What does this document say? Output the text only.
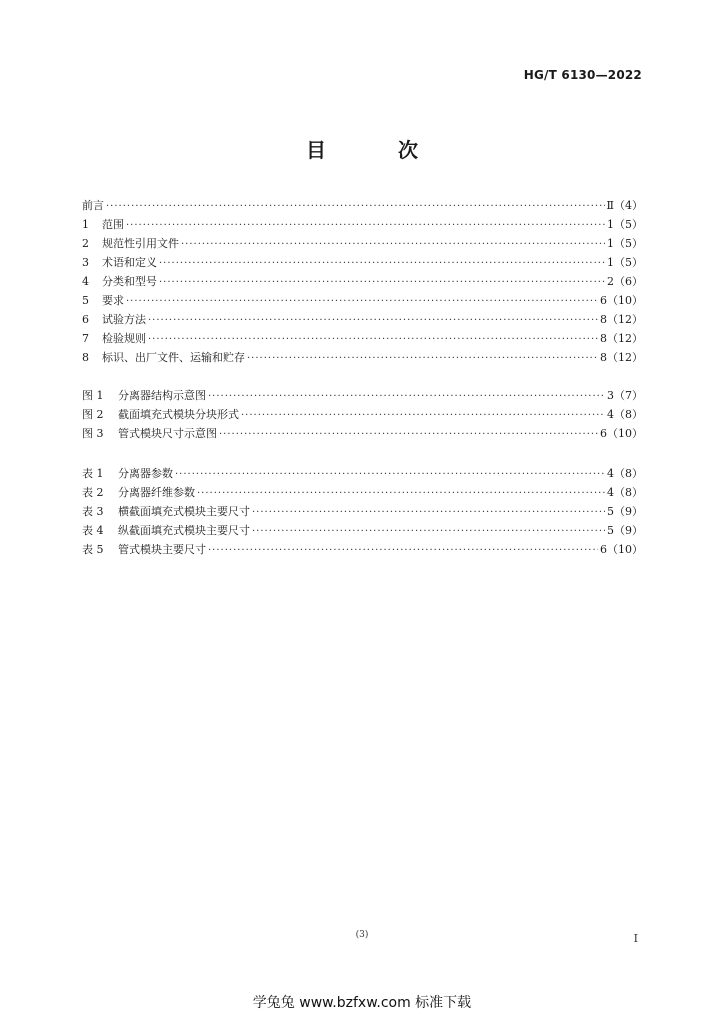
HG/T 6130—2022
目　次
前言 ·····	Ⅱ（4）
1	范围 ·····	1（5）
2	规范性引用文件 ·····	1（5）
3	术语和定义 ·····	1（5）
4	分类和型号 ·····	2（6）
5	要求 ·····	6（10）
6	试验方法 ·····	8（12）
7	检验规则 ·····	8（12）
8	标识、出厂文件、运输和贮存 ·····	8（12）
图 1	分离器结构示意图 ·····	3（7）
图 2	截面填充式模块分块形式 ·····	4（8）
图 3	管式模块尺寸示意图 ·····	6（10）
表 1	分离器参数 ·····	4（8）
表 2	分离器纤维参数 ·····	4（8）
表 3	横截面填充式模块主要尺寸 ·····	5（9）
表 4	纵截面填充式模块主要尺寸 ·····	5（9）
表 5	管式模块主要尺寸 ·····	6（10）
(3)	Ⅰ
学兔兔 www.bzfxw.com 标准下载
